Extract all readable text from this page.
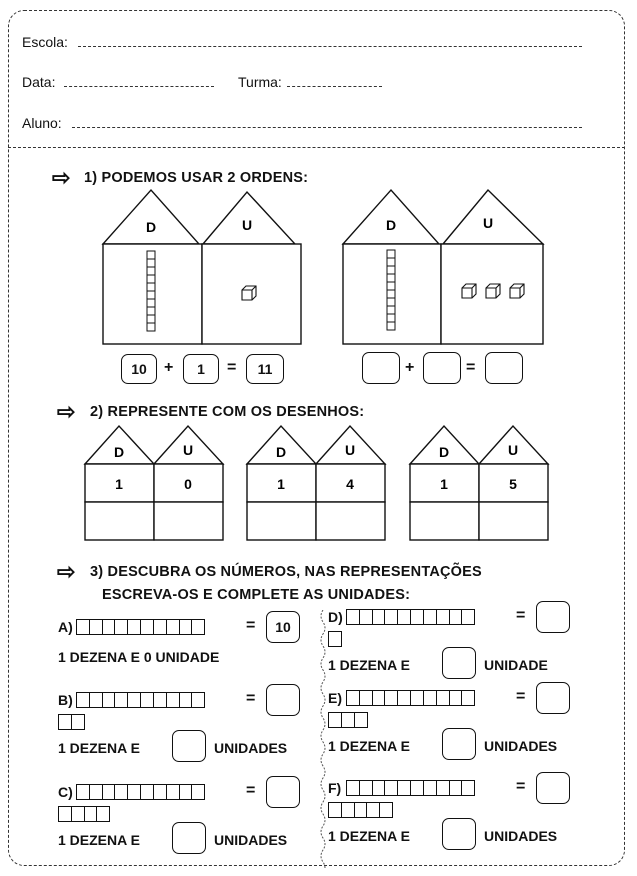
Escola:
Data:	Turma:
Aluno:
⇨ 1) PODEMOS USAR 2 ORDENS:
D	U	D	U
10	+	1	=	11	+	=
⇨ 2) REPRESENTE COM OS DESENHOS:
D	U
1	0
D	U
1	4
D	U
1	5
⇨ 3) DESCUBRA OS NÚMEROS, NAS REPRESENTAÇÕES
ESCREVA-OS E COMPLETE AS UNIDADES:
A)	=	10
1 DEZENA E 0 UNIDADE
B)	=
1 DEZENA E	UNIDADES
C)	=
1 DEZENA E	UNIDADES
D)	=
1 DEZENA E	UNIDADE
E)	=
1 DEZENA E	UNIDADES
F)	=
1 DEZENA E	UNIDADES
